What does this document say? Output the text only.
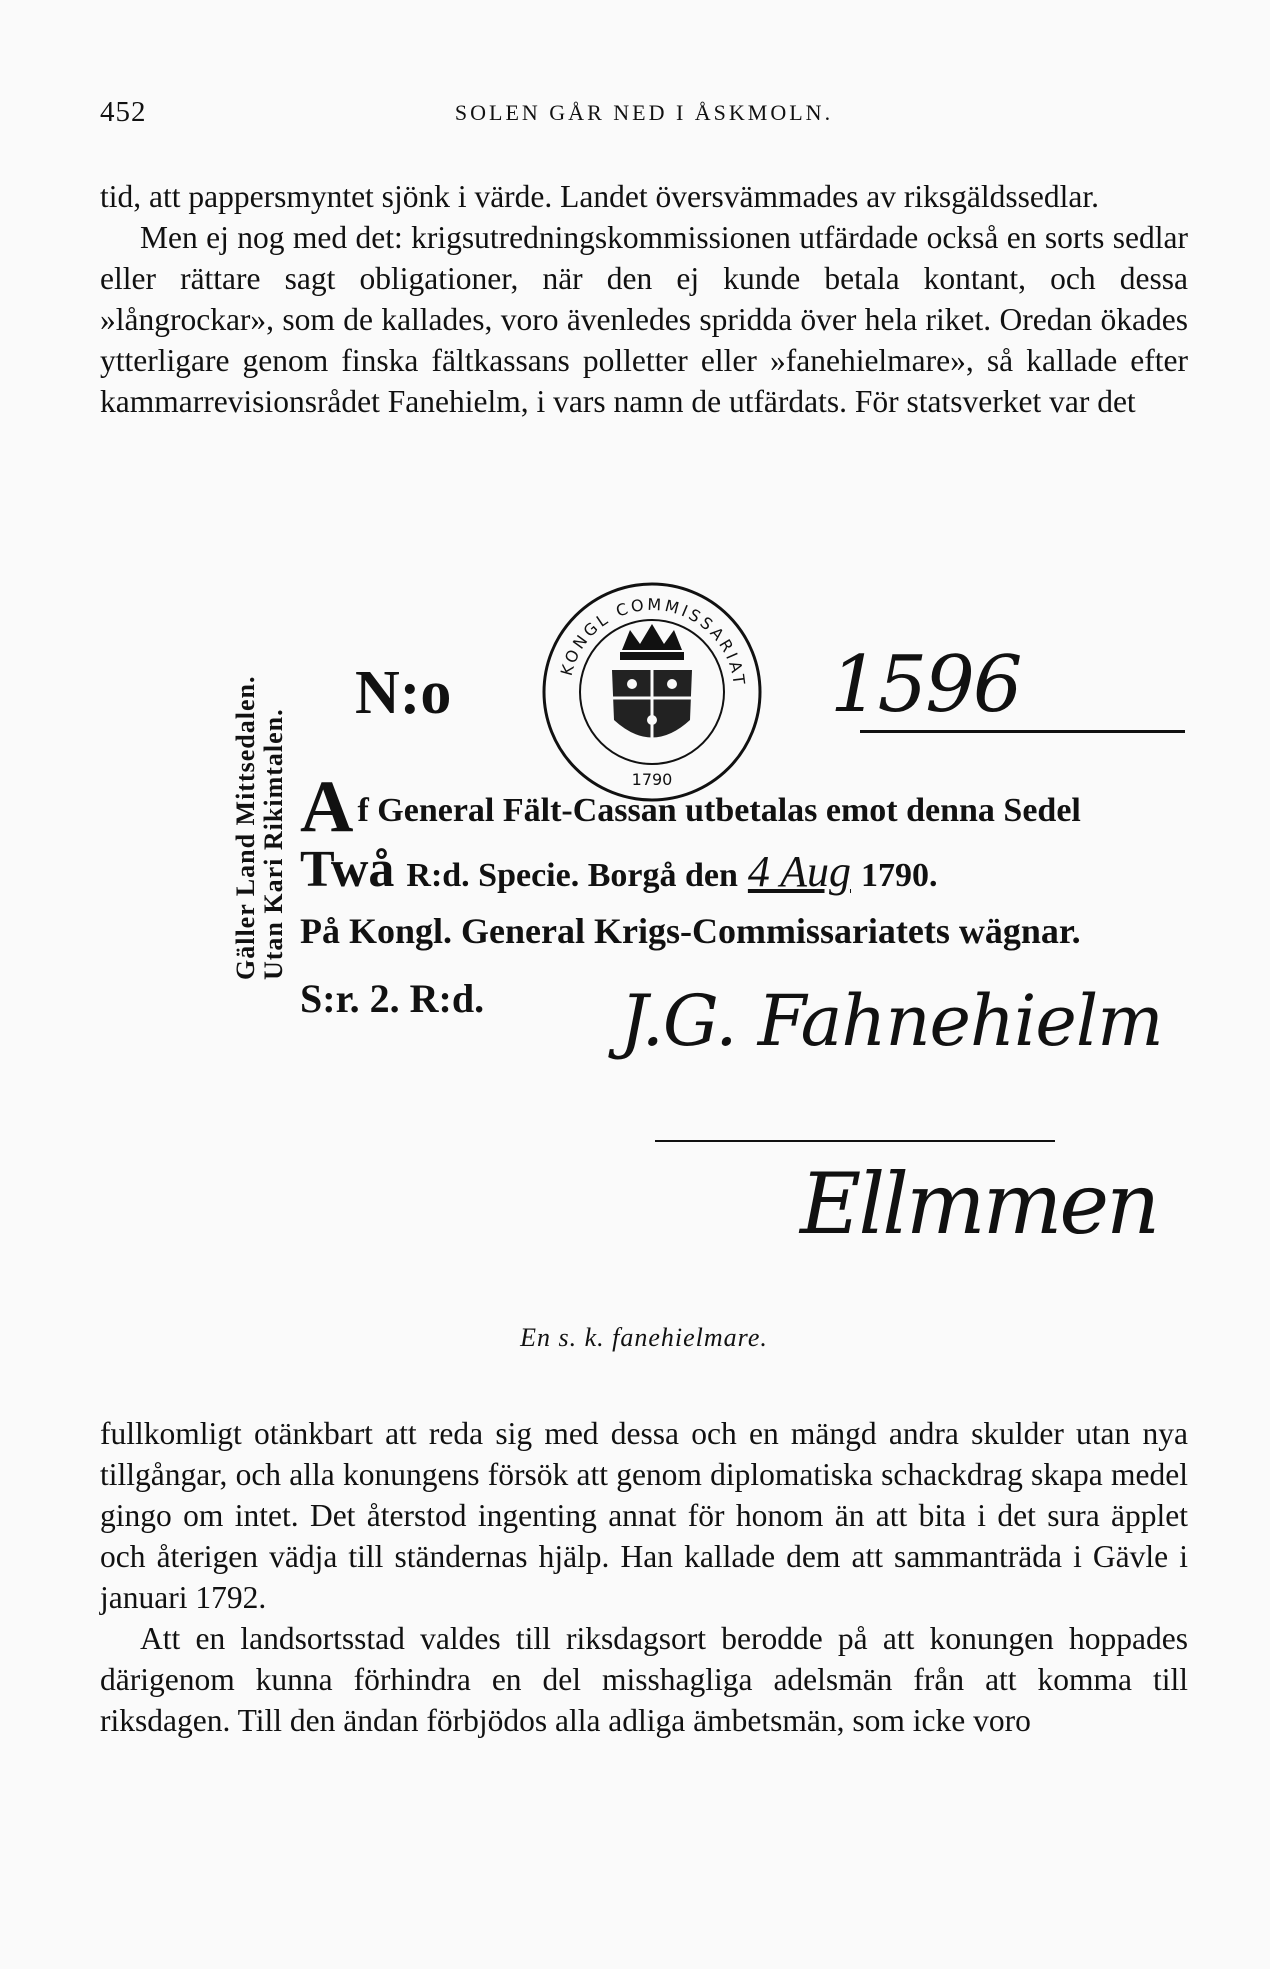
452	SOLEN GÅR NED I ÅSKMOLN.

tid, att pappersmyntet sjönk i värde. Landet översvämmades av riksgäldssedlar.

Men ej nog med det: krigsutredningskommissionen utfärdade också en sorts sedlar eller rättare sagt obligationer, när den ej kunde betala kontant, och dessa »långrockar», som de kallades, voro ävenledes spridda över hela riket. Oredan ökades ytterligare genom finska fältkassans polletter eller »fanehielmare», så kallade efter kammarrevisionsrådet Fanehielm, i vars namn de utfärdats. För statsverket var det

Gäller Land Mittsedalen. Utan Kari Rikimtalen.
N:o	KONGL COMMISSARIAT
1790
1596
Af General Fält-Cassan utbetalas emot denna Sedel
Twå R:d. Specie. Borgå den 4 Aug 1790.
På Kongl. General Krigs-Commissariatets wägnar.
S:r. 2. R:d. J.G. Fahnehielm
Ellmmen
En s. k. fanehielmare.

fullkomligt otänkbart att reda sig med dessa och en mängd andra skulder utan nya tillgångar, och alla konungens försök att genom diplomatiska schackdrag skapa medel gingo om intet. Det återstod ingenting annat för honom än att bita i det sura äpplet och återigen vädja till ständernas hjälp. Han kallade dem att sammanträda i Gävle i januari 1792.

Att en landsortsstad valdes till riksdagsort berodde på att konungen hoppades därigenom kunna förhindra en del misshagliga adelsmän från att komma till riksdagen. Till den ändan förbjödos alla adliga ämbetsmän, som icke voro
